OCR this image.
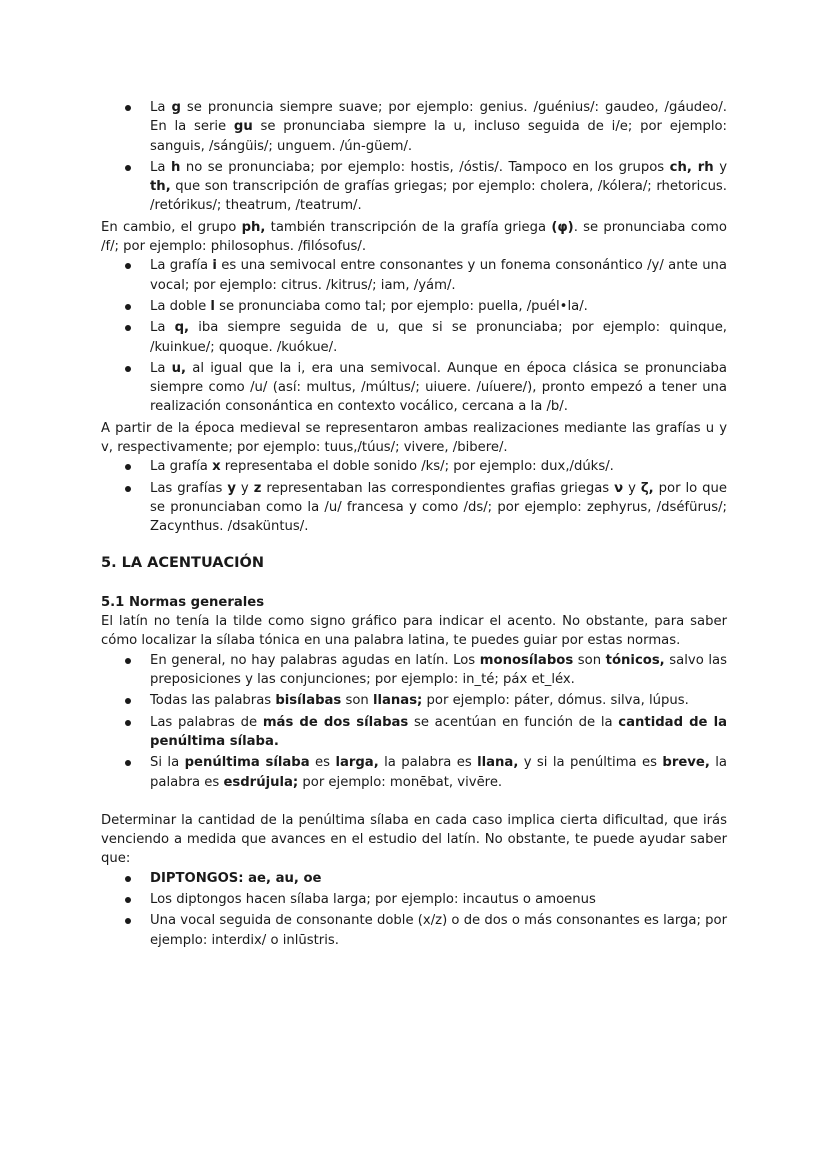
La g se pronuncia siempre suave; por ejemplo: genius. /guénius/: gaudeo, /gáudeo/. En la serie gu se pronunciaba siempre la u, incluso seguida de i/e; por ejemplo: sanguis, /sángüis/; unguem. /ún-güem/.
La h no se pronunciaba; por ejemplo: hostis, /óstis/. Tampoco en los grupos ch, rh y th, que son transcripción de grafías griegas; por ejemplo: cholera, /kólera/; rhetoricus. /retórikus/; theatrum, /teatrum/.

En cambio, el grupo ph, también transcripción de la grafía griega (φ). se pronunciaba como /f/; por ejemplo: philosophus. /filósofus/.

La grafía i es una semivocal entre consonantes y un fonema consonántico /y/ ante una vocal; por ejemplo: citrus. /kitrus/; iam, /yám/.
La doble l se pronunciaba como tal; por ejemplo: puella, /puél•la/.
La q, iba siempre seguida de u, que si se pronunciaba; por ejemplo: quinque, /kuinkue/; quoque. /kuókue/.
La u, al igual que la i, era una semivocal. Aunque en época clásica se pronunciaba siempre como /u/ (así: multus, /múltus/; uiuere. /uíuere/), pronto empezó a tener una realización consonántica en contexto vocálico, cercana a la /b/.

A partir de la época medieval se representaron ambas realizaciones mediante las grafías u y v, respectivamente; por ejemplo: tuus,/túus/; vivere, /bibere/.

La grafía x representaba el doble sonido /ks/; por ejemplo: dux,/dúks/.
Las grafías y y z representaban las correspondientes grafias griegas ν y ζ, por lo que se pronunciaban como la /u/ francesa y como /ds/; por ejemplo: zephyrus, /dséfürus/; Zacynthus. /dsaküntus/.
5. LA ACENTUACIÓN
5.1 Normas generales

El latín no tenía la tilde como signo gráfico para indicar el acento. No obstante, para saber cómo localizar la sílaba tónica en una palabra latina, te puedes guiar por estas normas.

En general, no hay palabras agudas en latín. Los monosílabos son tónicos, salvo las preposiciones y las conjunciones; por ejemplo: in_té; páx et_léx.
Todas las palabras bisílabas son llanas; por ejemplo: páter, dómus. silva, lúpus.
Las palabras de más de dos sílabas se acentúan en función de la cantidad de la penúltima sílaba.
Si la penúltima sílaba es larga, la palabra es llana, y si la penúltima es breve, la palabra es esdrújula; por ejemplo: monēbat, vivēre.

Determinar la cantidad de la penúltima sílaba en cada caso implica cierta dificultad, que irás venciendo a medida que avances en el estudio del latín. No obstante, te puede ayudar saber que:

DIPTONGOS: ae, au, oe
Los diptongos hacen sílaba larga; por ejemplo: incautus o amoenus
Una vocal seguida de consonante doble (x/z) o de dos o más consonantes es larga; por ejemplo: interdix/ o inlūstris.
